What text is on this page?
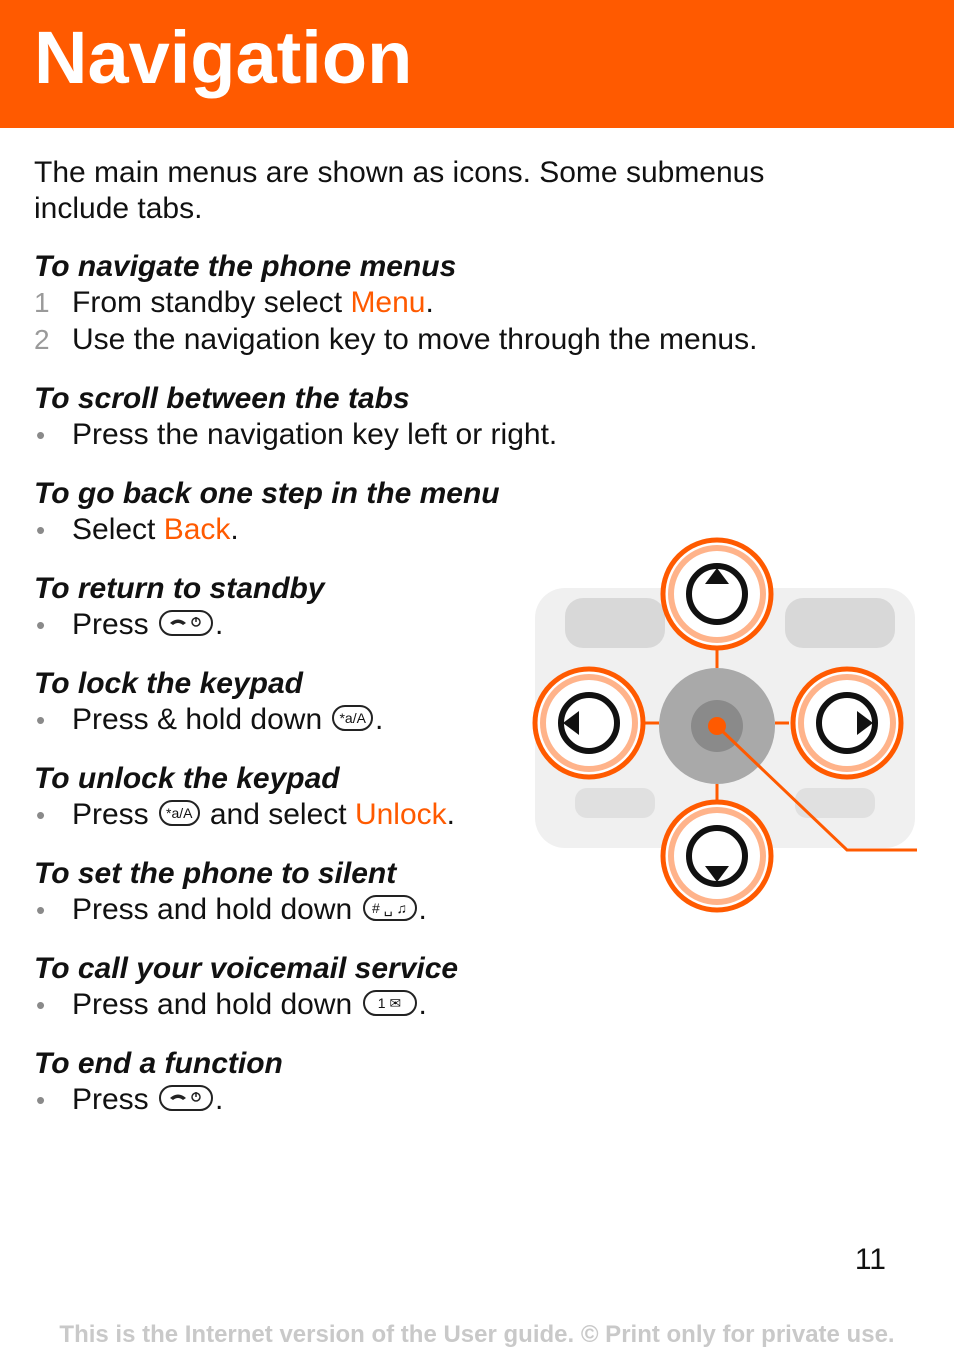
Navigation

The main menus are shown as icons. Some submenus include tabs.

To navigate the phone menus
1 From standby select Menu.
2 Use the navigation key to move through the menus.
To scroll between the tabs
• Press the navigation key left or right.
To go back one step in the menu
• Select Back.
To return to standby
• Press .
To lock the keypad
• Press & hold down *a/A .
To unlock the keypad
• Press *a/A and select Unlock.
To set the phone to silent
• Press and hold down # ␣ ♫ .
To call your voicemail service
• Press and hold down 1 ✉ .
To end a function
• Press .
11
This is the Internet version of the User guide. © Print only for private use.
